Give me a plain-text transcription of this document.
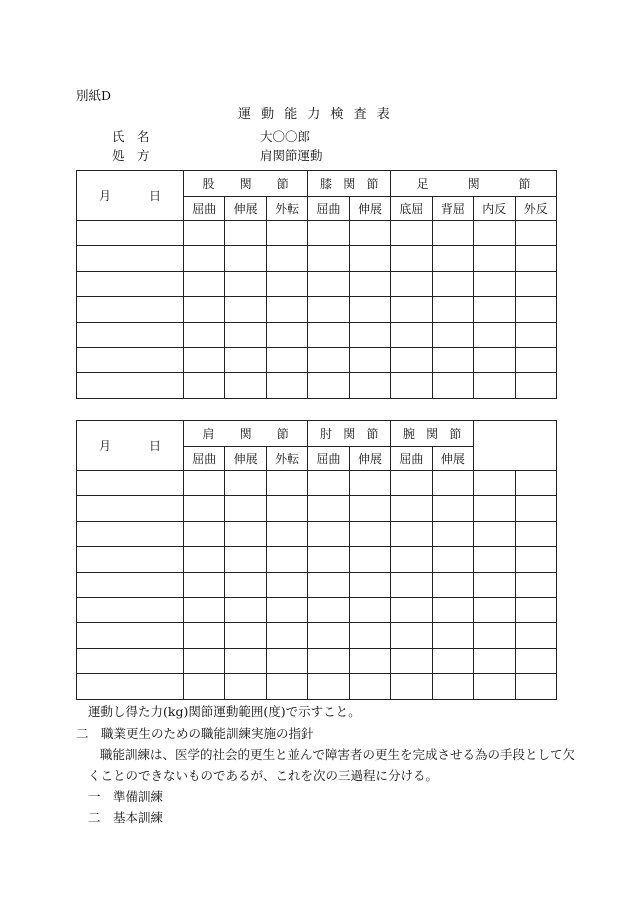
別紙D
運 動 能 力 検 査 表
氏　名	大〇〇郎
処　方	肩関節運動
月 日	股 関 節			膝 関 節		足 関 節			

	屈曲	伸展	外転	屈曲	伸展	底屈	背屈	内反	外反

月 日	肩 関 節			肘 関 節		腕 関 節			

	屈曲	伸展	外転	屈曲	伸展	屈曲	伸展		

運動し得た力(kg)関節運動範囲(度)で示すこと。
二　職業更生のための職能訓練実施の指針
職能訓練は、医学的社会的更生と並んで障害者の更生を完成させる為の手段として欠
くことのできないものであるが、これを次の三過程に分ける。
一　準備訓練
二　基本訓練
